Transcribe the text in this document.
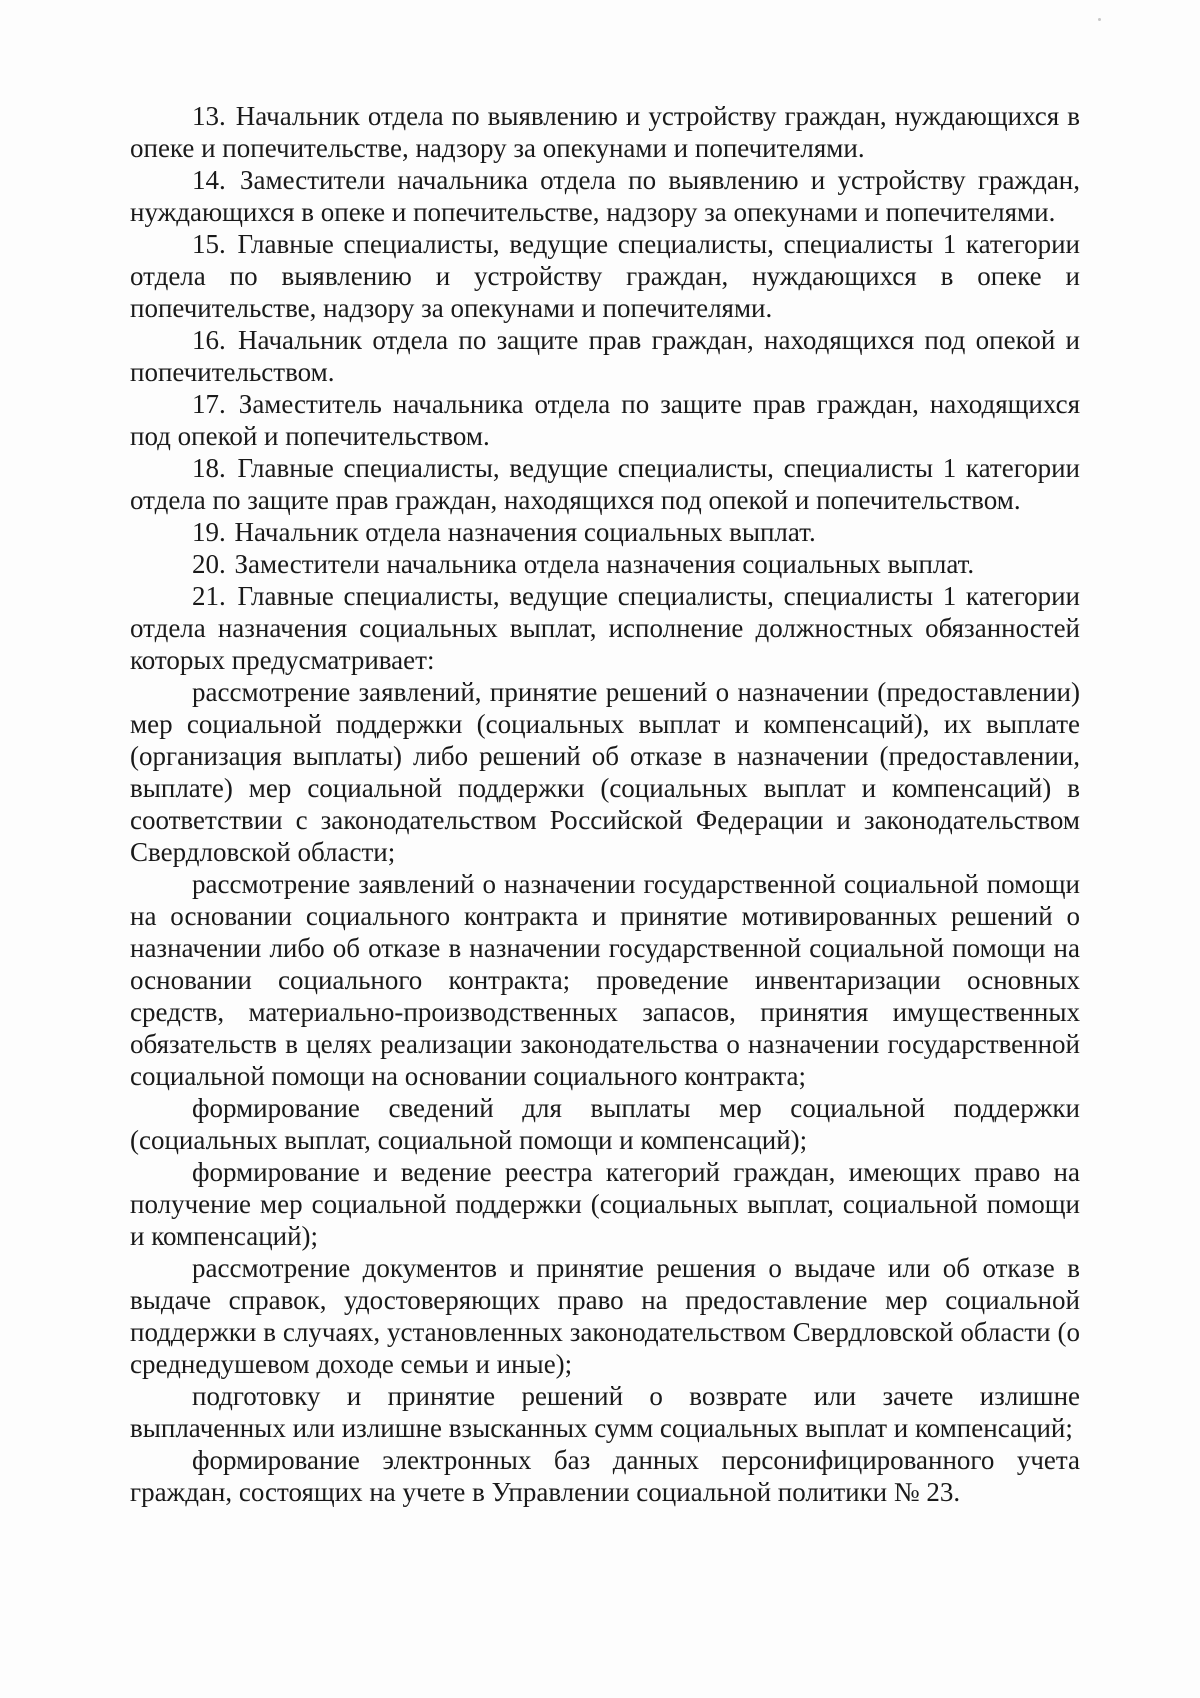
13. Начальник отдела по выявлению и устройству граждан, нуждающихся в опеке и попечительстве, надзору за опекунами и попечителями.

14. Заместители начальника отдела по выявлению и устройству граждан, нуждающихся в опеке и попечительстве, надзору за опекунами и попечителями.

15. Главные специалисты, ведущие специалисты, специалисты 1 категории отдела по выявлению и устройству граждан, нуждающихся в опеке и попечительстве, надзору за опекунами и попечителями.

16. Начальник отдела по защите прав граждан, находящихся под опекой и попечительством.

17. Заместитель начальника отдела по защите прав граждан, находящихся под опекой и попечительством.

18. Главные специалисты, ведущие специалисты, специалисты 1 категории отдела по защите прав граждан, находящихся под опекой и попечительством.

19. Начальник отдела назначения социальных выплат.

20. Заместители начальника отдела назначения социальных выплат.

21. Главные специалисты, ведущие специалисты, специалисты 1 категории отдела назначения социальных выплат, исполнение должностных обязанностей которых предусматривает:

рассмотрение заявлений, принятие решений о назначении (предоставлении) мер социальной поддержки (социальных выплат и компенсаций), их выплате (организация выплаты) либо решений об отказе в назначении (предоставлении, выплате) мер социальной поддержки (социальных выплат и компенсаций) в соответствии с законодательством Российской Федерации и законодательством Свердловской области;

рассмотрение заявлений о назначении государственной социальной помощи на основании социального контракта и принятие мотивированных решений о назначении либо об отказе в назначении государственной социальной помощи на основании социального контракта; проведение инвентаризации основных средств, материально-производственных запасов, принятия имущественных обязательств в целях реализации законодательства о назначении государственной социальной помощи на основании социального контракта;

формирование сведений для выплаты мер социальной поддержки (социальных выплат, социальной помощи и компенсаций);

формирование и ведение реестра категорий граждан, имеющих право на получение мер социальной поддержки (социальных выплат, социальной помощи и компенсаций);

рассмотрение документов и принятие решения о выдаче или об отказе в выдаче справок, удостоверяющих право на предоставление мер социальной поддержки в случаях, установленных законодательством Свердловской области (о среднедушевом доходе семьи и иные);

подготовку и принятие решений о возврате или зачете излишне выплаченных или излишне взысканных сумм социальных выплат и компенсаций;

формирование электронных баз данных персонифицированного учета граждан, состоящих на учете в Управлении социальной политики № 23.
